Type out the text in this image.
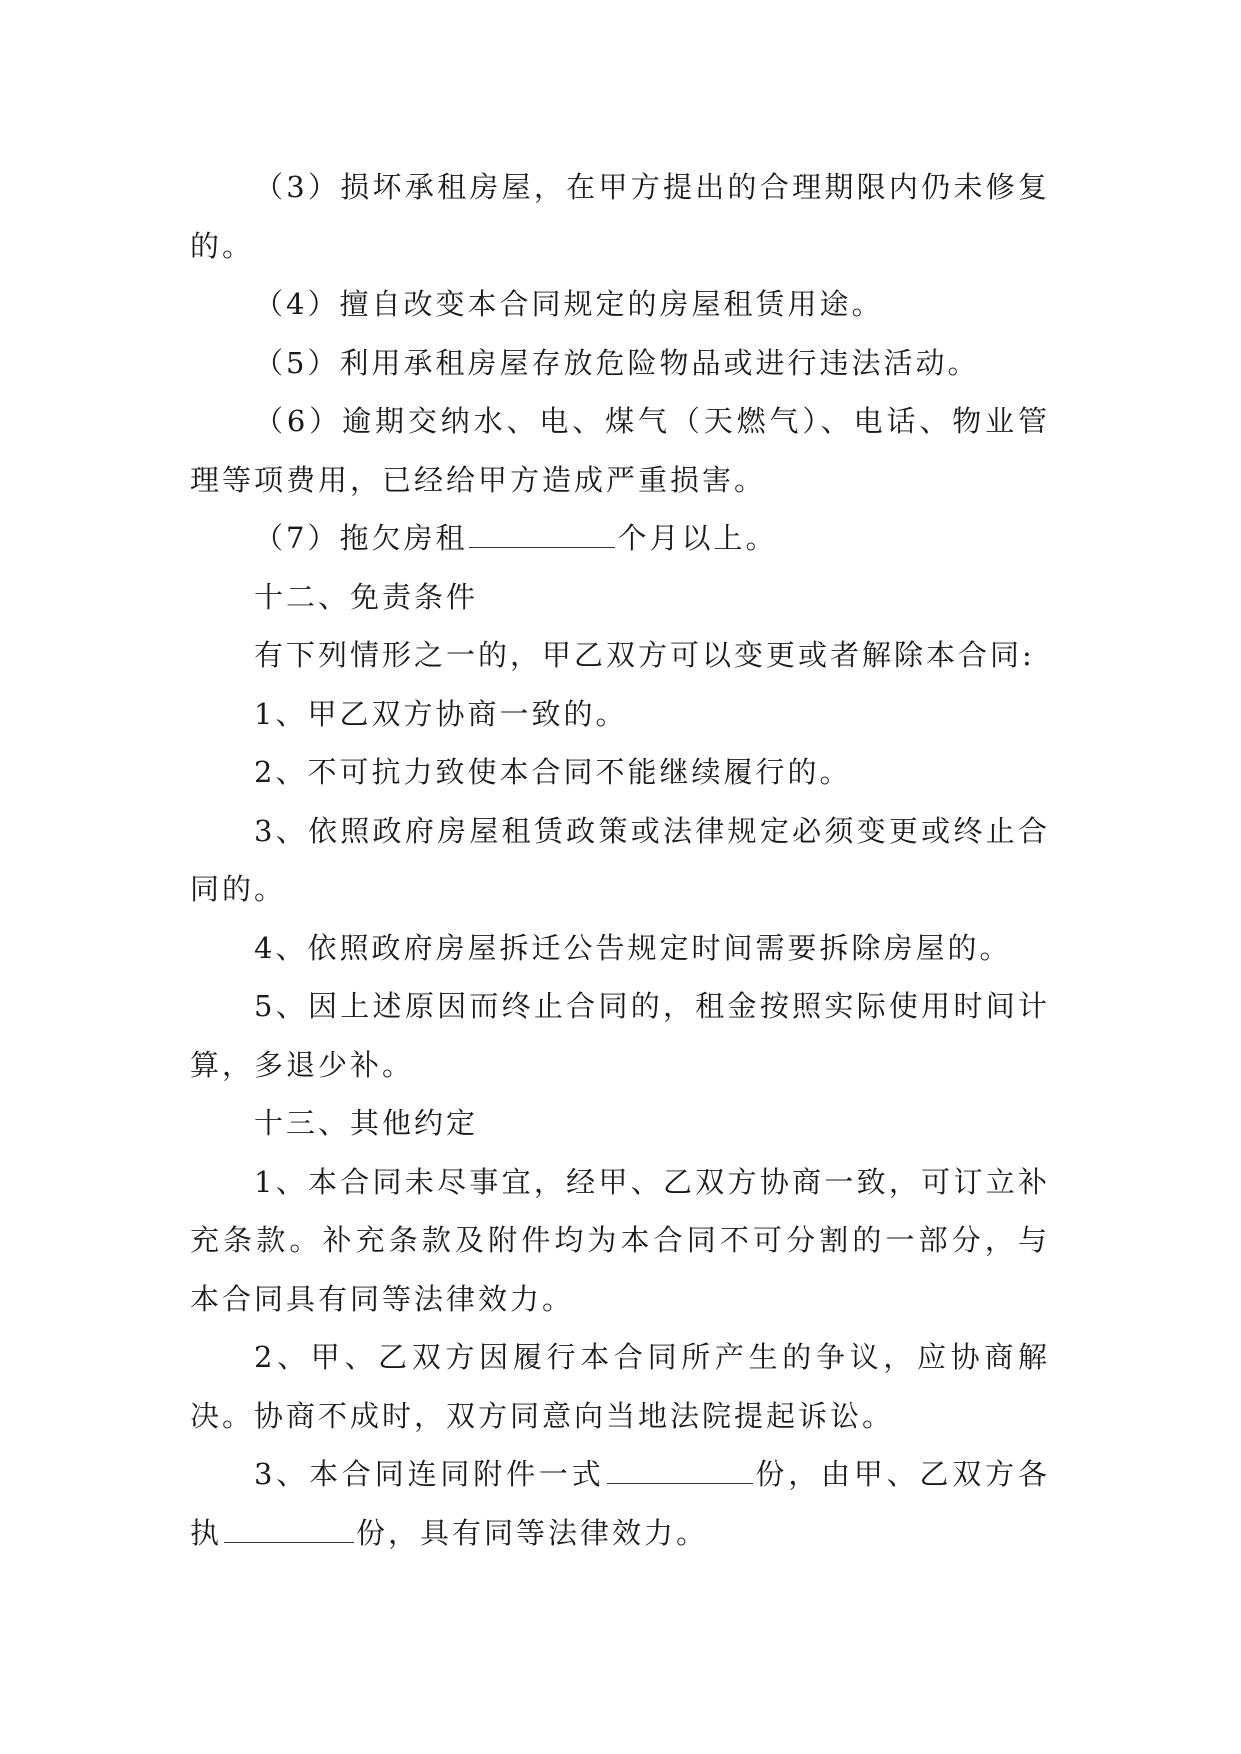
（3）损坏承租房屋，在甲方提出的合理期限内仍未修复的。

（4）擅自改变本合同规定的房屋租赁用途。

（5）利用承租房屋存放危险物品或进行违法活动。

（6）逾期交纳水、电、煤气（天燃气）、电话、物业管理等项费用，已经给甲方造成严重损害。

（7）拖欠房租	个月以上。

十二、免责条件

有下列情形之一的，甲乙双方可以变更或者解除本合同:

1、甲乙双方协商一致的。

2、不可抗力致使本合同不能继续履行的。

3、依照政府房屋租赁政策或法律规定必须变更或终止合同的。

4、依照政府房屋拆迁公告规定时间需要拆除房屋的。

5、因上述原因而终止合同的，租金按照实际使用时间计算，多退少补。

十三、其他约定

1、本合同未尽事宜，经甲、乙双方协商一致，可订立补充条款。补充条款及附件均为本合同不可分割的一部分，与本合同具有同等法律效力。

2、甲、乙双方因履行本合同所产生的争议，应协商解决。协商不成时，双方同意向当地法院提起诉讼。

3、本合同连同附件一式	份，由甲、乙双方各执	份，具有同等法律效力。
